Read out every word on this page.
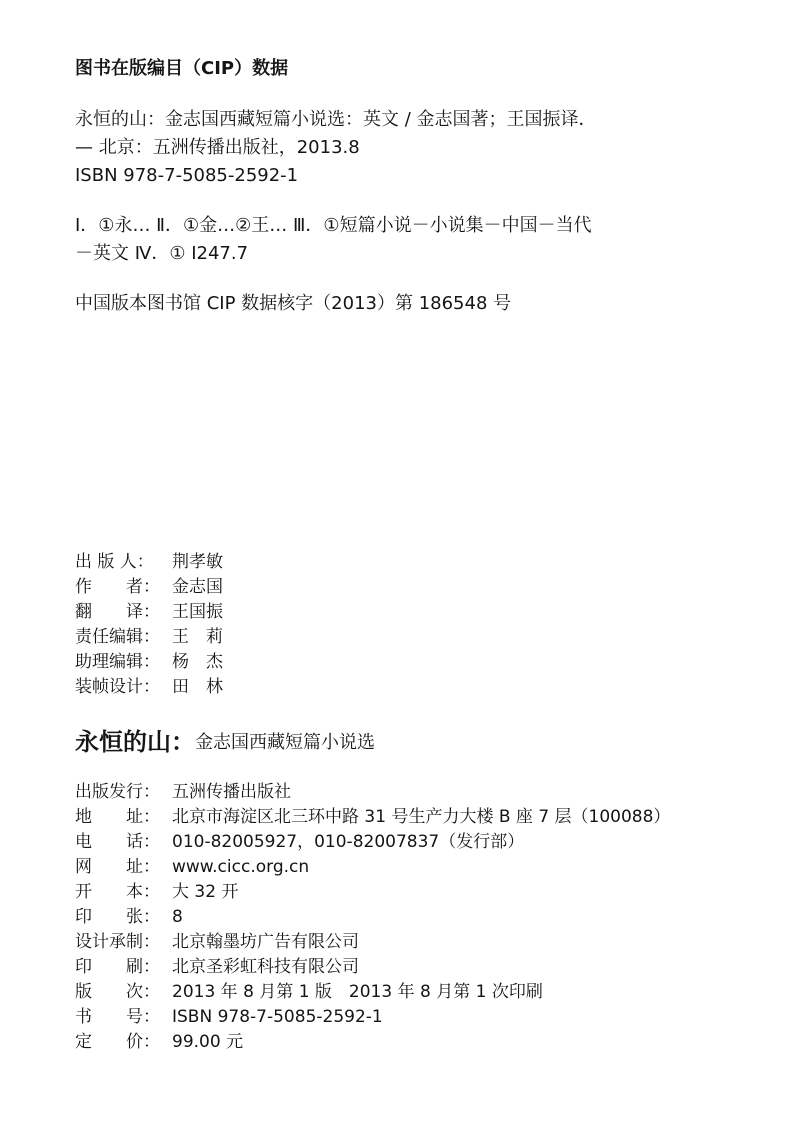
图书在版编目（CIP）数据
永恒的山：金志国西藏短篇小说选：英文 / 金志国著；王国振译．
— 北京：五洲传播出版社，2013.8
ISBN 978-7-5085-2592-1
Ⅰ．①永… Ⅱ．①金…②王… Ⅲ．①短篇小说－小说集－中国－当代
－英文 Ⅳ．① I247.7
中国版本图书馆 CIP 数据核字（2013）第 186548 号
出 版 人：	荆孝敏
作　　者： 金志国
翻　　译： 王国振
责任编辑： 王　莉
助理编辑： 杨　杰
装帧设计： 田　林
永恒的山：金志国西藏短篇小说选
出版发行： 五洲传播出版社
地　　址： 北京市海淀区北三环中路 31 号生产力大楼 B 座 7 层（100088）
电　　话： 010-82005927，010-82007837（发行部）
网　　址： www.cicc.org.cn
开　　本： 大 32 开
印　　张： 8
设计承制： 北京翰墨坊广告有限公司
印　　刷： 北京圣彩虹科技有限公司
版　　次： 2013 年 8 月第 1 版　2013 年 8 月第 1 次印刷
书　　号： ISBN 978-7-5085-2592-1
定　　价： 99.00 元
